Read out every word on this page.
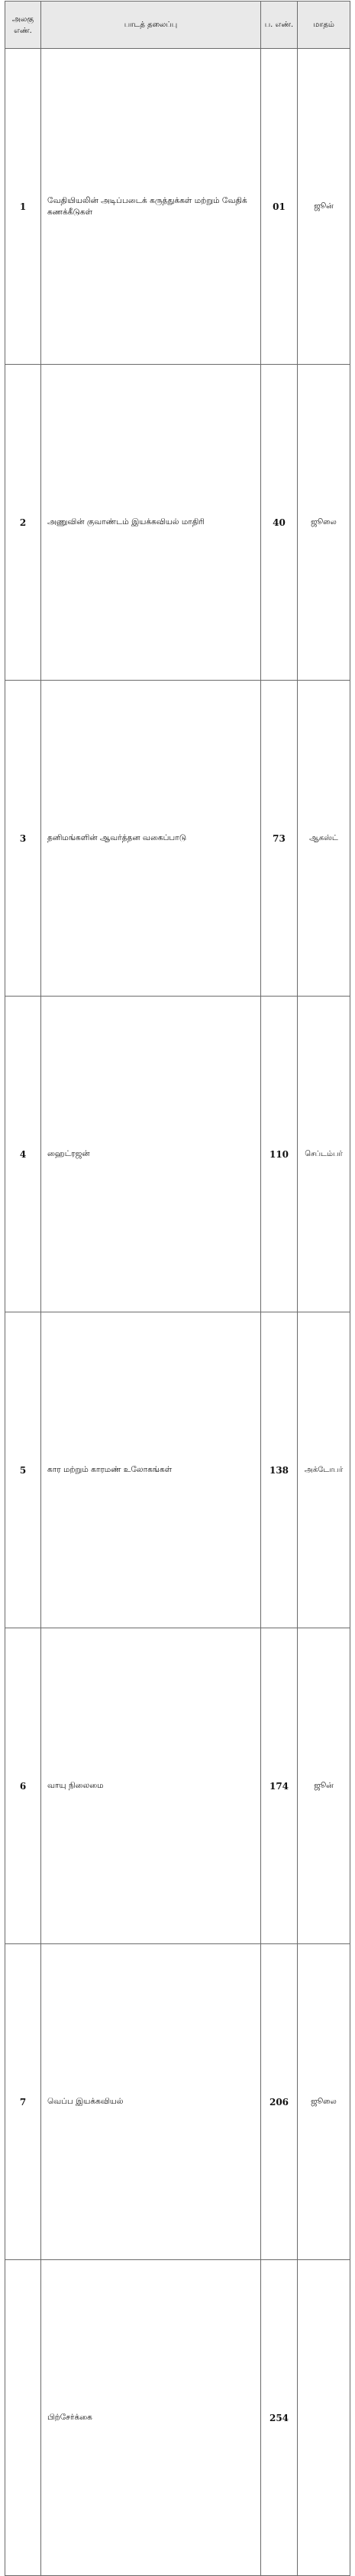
அலகு எண்.	பாடத் தலைப்பு	ப. எண்.	மாதம்
1	வேதியியலின் அடிப்படைக் கருத்துக்கள் மற்றும் வேதிக் கணக்கீடுகள்	01	ஜூன்
2	அணுவின் குவாண்டம் இயக்கவியல் மாதிரி	40	ஜூலை
3	தனிமங்களின் ஆவர்த்தன வகைப்பாடு	73	ஆகஸ்ட்
4	ஹைட்ரஜன்	110	செப்டம்பர்
5	கார மற்றும் காரமண் உலோகங்கள்	138	அக்டோபர்
6	வாயு நிலைமை	174	ஜூன்
7	வெப்ப இயக்கவியல்	206	ஜூலை
	பிற்சேர்க்கை	254	
